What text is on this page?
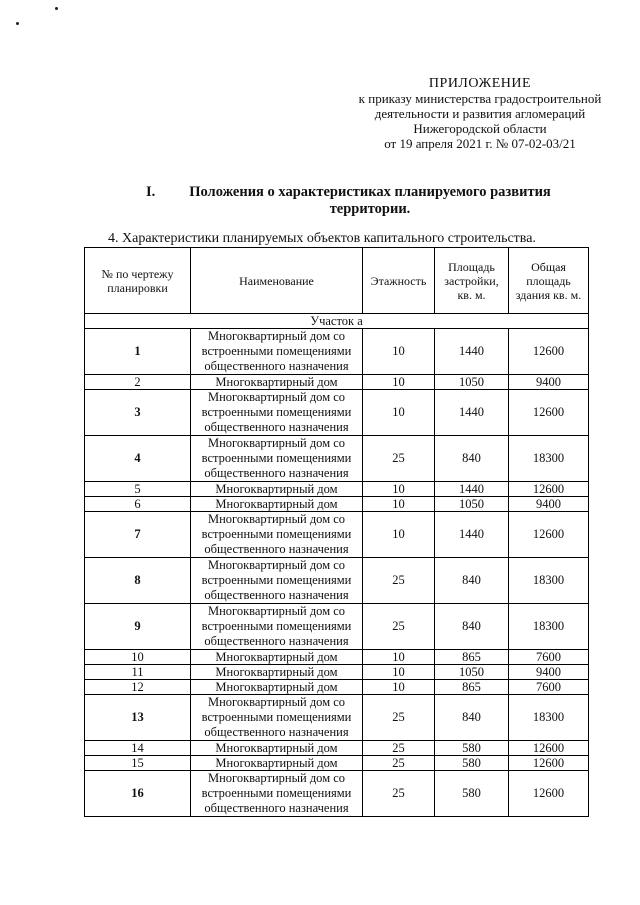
ПРИЛОЖЕНИЕ
к приказу министерства градостроительной
деятельности и развития агломераций
Нижегородской области
от 19 апреля 2021 г. № 07-02-03/21
I.	Положения о характеристиках планируемого развития территории.
4. Характеристики планируемых объектов капитального строительства.
№ по чертежу планировки	Наименование	Этажность	Площадь застройки, кв. м.	Общая площадь здания кв. м.
Участок а				
1	Многоквартирный дом со встроенными помещениями общественного назначения	10	1440	12600
2	Многоквартирный дом	10	1050	9400
3	Многоквартирный дом со встроенными помещениями общественного назначения	10	1440	12600
4	Многоквартирный дом со встроенными помещениями общественного назначения	25	840	18300
5	Многоквартирный дом	10	1440	12600
6	Многоквартирный дом	10	1050	9400
7	Многоквартирный дом со встроенными помещениями общественного назначения	10	1440	12600
8	Многоквартирный дом со встроенными помещениями общественного назначения	25	840	18300
9	Многоквартирный дом со встроенными помещениями общественного назначения	25	840	18300
10	Многоквартирный дом	10	865	7600
11	Многоквартирный дом	10	1050	9400
12	Многоквартирный дом	10	865	7600
13	Многоквартирный дом со встроенными помещениями общественного назначения	25	840	18300
14	Многоквартирный дом	25	580	12600
15	Многоквартирный дом	25	580	12600
16	Многоквартирный дом со встроенными помещениями общественного назначения	25	580	12600
